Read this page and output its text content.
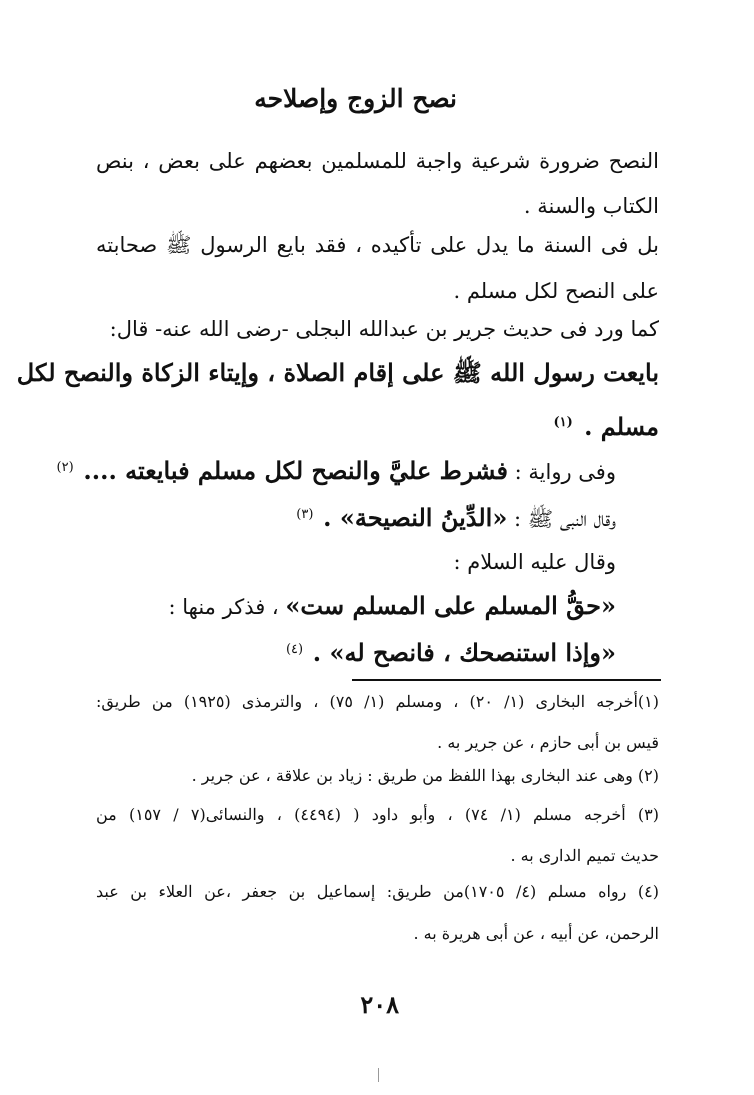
نصح الزوج وإصلاحه
النصح ضرورة شرعية واجبة للمسلمين بعضهم على بعض ، بنص
الكتاب والسنة .
بل فى السنة ما يدل على تأكيده ، فقد بايع الرسول ﷺ صحابته
على النصح لكل مسلم .
كما ورد فى حديث جرير بن عبدالله البجلى -رضى الله عنه- قال:
بايعت رسول الله ﷺ على إقام الصلاة ، وإيتاء الزكاة والنصح لكل
مسلم . $^{(١)}$
وفى رواية : فشرط عليَّ والنصح لكل مسلم فبايعته .... $^{(٢)}$
وقال النبى ﷺ : «الدِّينُ النصيحة» . $^{(٣)}$
وقال عليه السلام :
«حقُّ المسلم على المسلم ست» ، فذكر منها :
«وإذا استنصحك ، فانصح له» . $^{(٤)}$
(١)أخرجه البخارى (١/ ٢٠) ، ومسلم (١/ ٧٥) ، والترمذى (١٩٢٥) من طريق:
قيس بن أبى حازم ، عن جرير به .
(٢) وهى عند البخارى بهذا اللفظ من طريق : زياد بن علاقة ، عن جرير .
(٣) أخرجه مسلم (١/ ٧٤) ، وأبو داود ( (٤٤٩٤) ، والنسائى(٧ / ١٥٧) من
حديث تميم الدارى به .
(٤) رواه مسلم (٤/ ١٧٠٥)من طريق: إسماعيل بن جعفر ،عن العلاء بن عبد
الرحمن، عن أبيه ، عن أبى هريرة به .
٢٠٨
